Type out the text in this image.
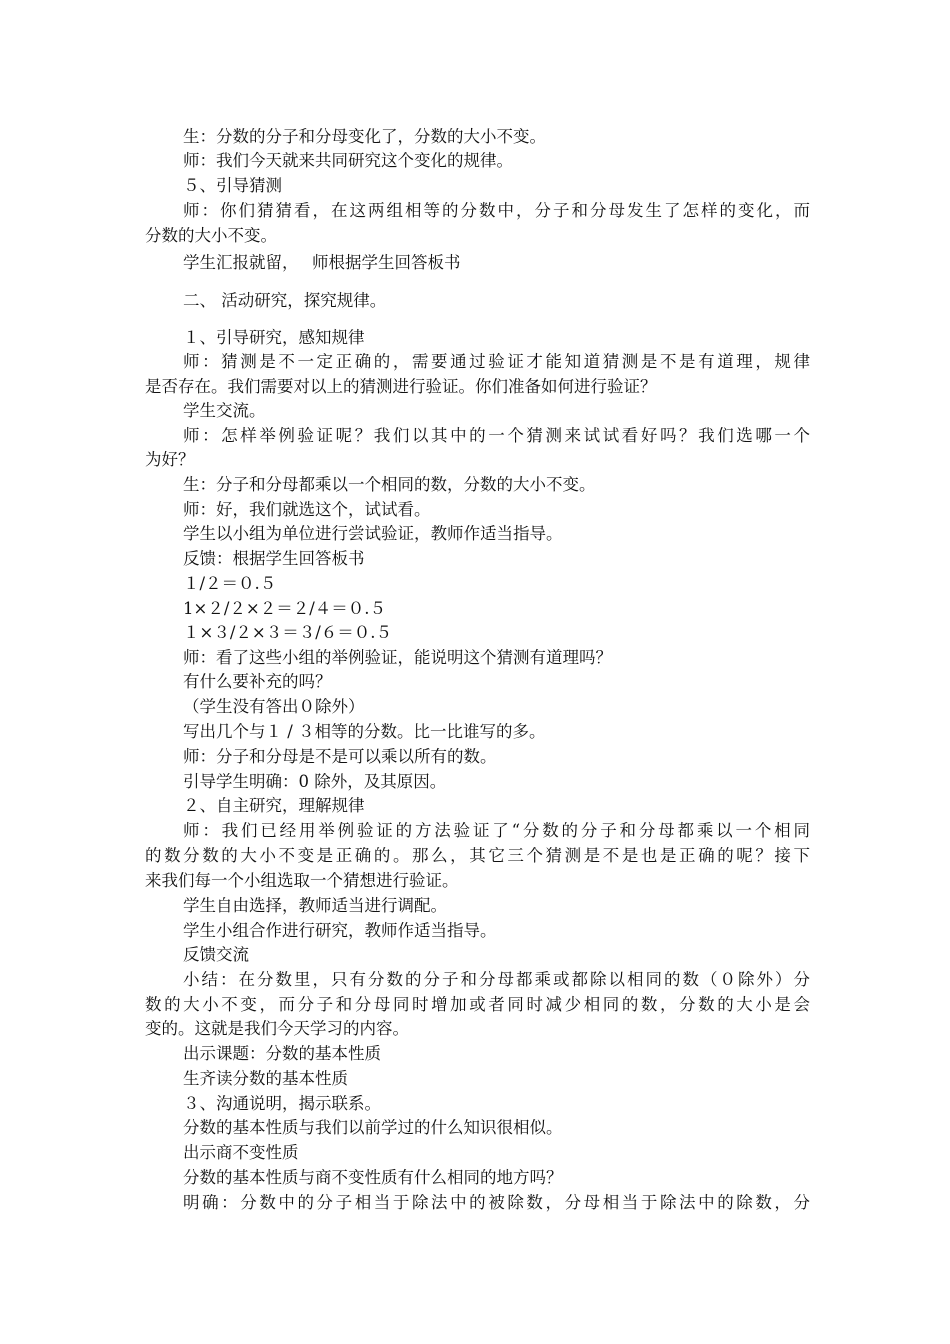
生：分数的分子和分母变化了，分数的大小不变。
师：我们今天就来共同研究这个变化的规律。
５、引导猜测
师：你们猜猜看，在这两组相等的分数中，分子和分母发生了怎样的变化，而
分数的大小不变。
学生汇报就留，　 师根据学生回答板书
二、 活动研究，探究规律。
１、引导研究，感知规律
师：猜测是不一定正确的，需要通过验证才能知道猜测是不是有道理，规律
是否存在。我们需要对以上的猜测进行验证。你们准备如何进行验证？
学生交流。
师：怎样举例验证呢？我们以其中的一个猜测来试试看好吗？我们选哪一个
为好？
生：分子和分母都乘以一个相同的数，分数的大小不变。
师：好，我们就选这个，试试看。
学生以小组为单位进行尝试验证，教师作适当指导。
反馈：根据学生回答板书
１/２＝０.５
1×２/２×２＝２/４＝０.５
１×３/２×３＝３/６＝０.５
师：看了这些小组的举例验证，能说明这个猜测有道理吗？
有什么要补充的吗？
（学生没有答出０除外）
写出几个与１ / ３相等的分数。比一比谁写的多。
师：分子和分母是不是可以乘以所有的数。
引导学生明确：0 除外，及其原因。
２、自主研究，理解规律
师：我们已经用举例验证的方法验证了“分数的分子和分母都乘以一个相同
的数分数的大小不变是正确的。那么，其它三个猜测是不是也是正确的呢？接下
来我们每一个小组选取一个猜想进行验证。
学生自由选择，教师适当进行调配。
学生小组合作进行研究，教师作适当指导。
反馈交流
小结：在分数里，只有分数的分子和分母都乘或都除以相同的数（０除外）分
数的大小不变，而分子和分母同时增加或者同时减少相同的数，分数的大小是会
变的。这就是我们今天学习的内容。
出示课题：分数的基本性质
生齐读分数的基本性质
３、沟通说明，揭示联系。
分数的基本性质与我们以前学过的什么知识很相似。
出示商不变性质
分数的基本性质与商不变性质有什么相同的地方吗？
明确：分数中的分子相当于除法中的被除数，分母相当于除法中的除数，分
